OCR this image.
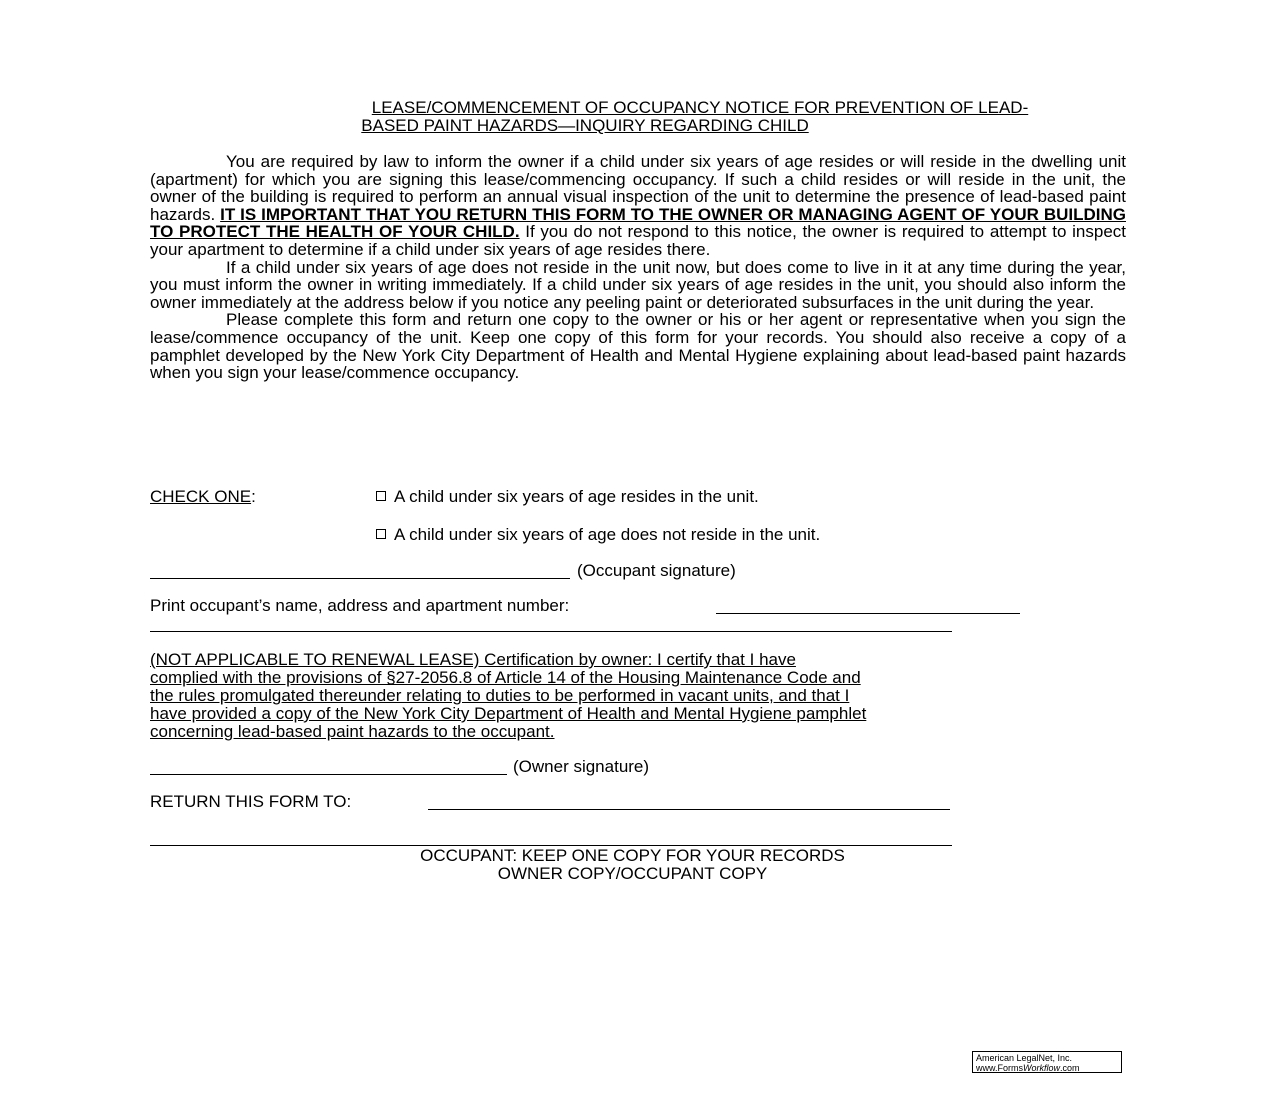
LEASE/COMMENCEMENT OF OCCUPANCY NOTICE FOR PREVENTION OF LEAD-
BASED PAINT HAZARDS—INQUIRY REGARDING CHILD

You are required by law to inform the owner if a child under six years of age resides or will reside in the dwelling unit (apartment) for which you are signing this lease/commencing occupancy. If such a child resides or will reside in the unit, the owner of the building is required to perform an annual visual inspection of the unit to determine the presence of lead-based paint hazards. IT IS IMPORTANT THAT YOU RETURN THIS FORM TO THE OWNER OR MANAGING AGENT OF YOUR BUILDING TO PROTECT THE HEALTH OF YOUR CHILD. If you do not respond to this notice, the owner is required to attempt to inspect your apartment to determine if a child under six years of age resides there.

If a child under six years of age does not reside in the unit now, but does come to live in it at any time during the year, you must inform the owner in writing immediately. If a child under six years of age resides in the unit, you should also inform the owner immediately at the address below if you notice any peeling paint or deteriorated subsurfaces in the unit during the year.

Please complete this form and return one copy to the owner or his or her agent or representative when you sign the lease/commence occupancy of the unit. Keep one copy of this form for your records. You should also receive a copy of a pamphlet developed by the New York City Department of Health and Mental Hygiene explaining about lead-based paint hazards when you sign your lease/commence occupancy.

CHECK ONE:	A child under six years of age resides in the unit.
A child under six years of age does not reside in the unit.
(Occupant signature)
Print occupant’s name, address and apartment number:
(NOT APPLICABLE TO RENEWAL LEASE) Certification by owner: I certify that I have
complied with the provisions of §27-2056.8 of Article 14 of the Housing Maintenance Code and
the rules promulgated thereunder relating to duties to be performed in vacant units, and that I
have provided a copy of the New York City Department of Health and Mental Hygiene pamphlet
concerning lead-based paint hazards to the occupant.
(Owner signature)
RETURN THIS FORM TO:
OCCUPANT: KEEP ONE COPY FOR YOUR RECORDS
OWNER COPY/OCCUPANT COPY
American LegalNet, Inc.
www.FormsWorkflow.com
